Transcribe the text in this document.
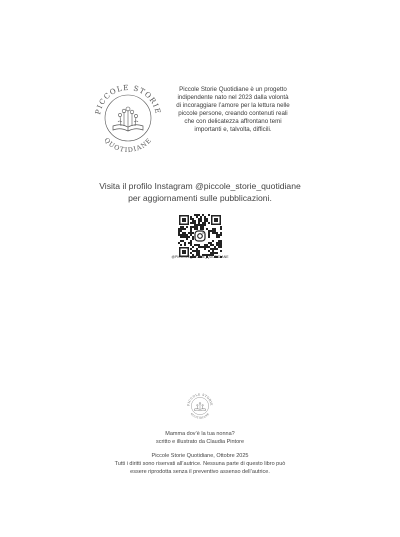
PICCOLE STORIE
QUOTIDIANE
Piccole Storie Quotidiane è un progetto
indipendente nato nel 2023 dalla volontà
di incoraggiare l’amore per la lettura nelle
piccole persone, creando contenuti reali
che con delicatezza affrontano temi
importanti e, talvolta, difficili.
Visita il profilo Instagram @piccole_storie_quotidiane
per aggiornamenti sulle pubblicazioni.
@PICCOLE_STORIE_QUOTIDIANE
PICCOLE STORIE
QUOTIDIANE
Mamma dov’è la tua nonna?
scritto e illustrato da Claudia Pintore
Piccole Storie Quotidiane, Ottobre 2025
Tutti i diritti sono riservati all’autrice. Nessuna parte di questo libro può
essere riprodotta senza il preventivo assenso dell’autrice.
